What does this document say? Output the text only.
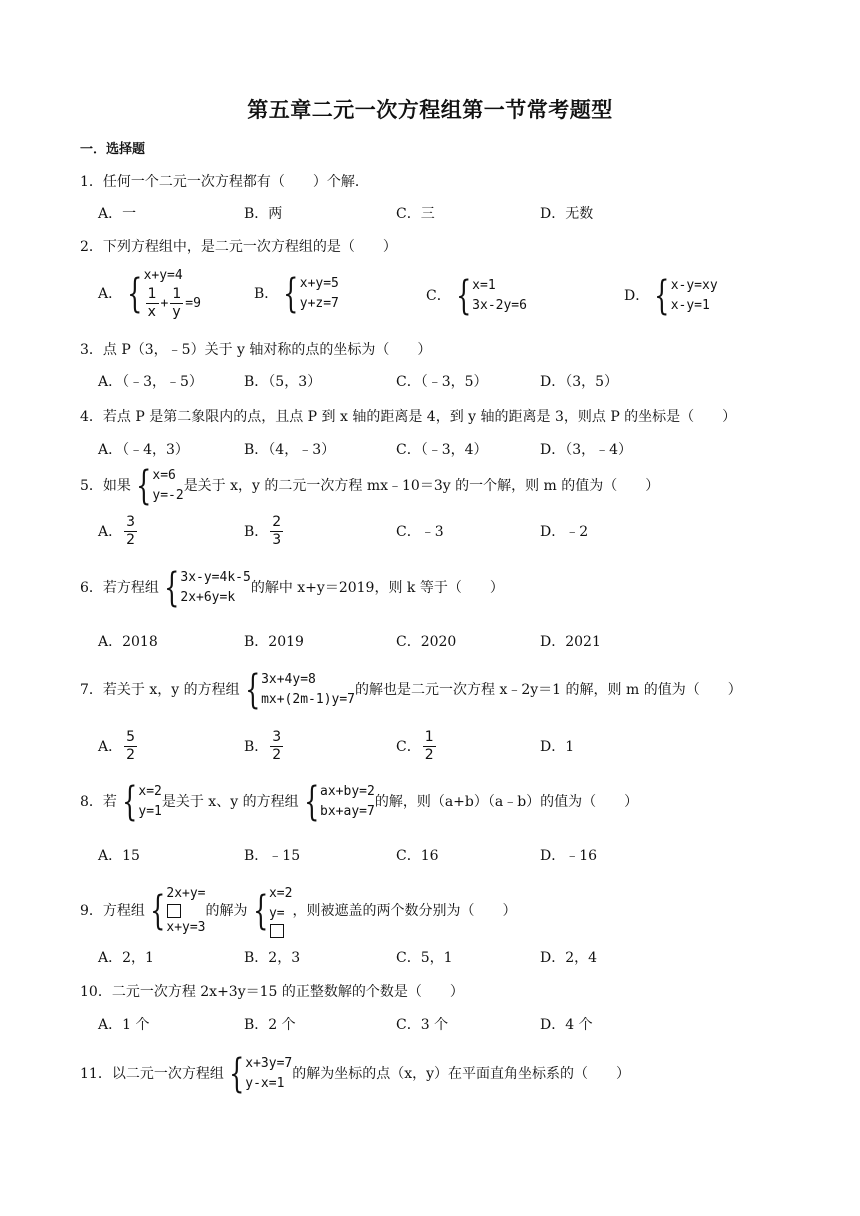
第五章二元一次方程组第一节常考题型
一．选择题
1．任何一个二元一次方程都有（　　）个解．
A．一	B．两	C．三	D．无数
2．下列方程组中，是二元一次方程组的是（　　）
A． { x+y=4
$\frac{1}{x} + \frac{1}{y} =9$
B． { x+y=5
y+z=7	C． { x=1
3x-2y=6
D． { x-y=xy
x-y=1
3．点 P（3，﹣5）关于 y 轴对称的点的坐标为（　　）
A．（﹣3，﹣5）	B．（5，3）	C．（﹣3，5）	D．（3，5）
4．若点 P 是第二象限内的点，且点 P 到 x 轴的距离是 4，到 y 轴的距离是 3，则点 P 的坐标是（　　）
A．（﹣4，3）	B．（4，﹣3）	C．（﹣3，4）	D．（3，﹣4）
5．如果 { x=6
y=-2
是关于 x，y 的二元一次方程 mx﹣10＝3y 的一个解，则 m 的值为（　　）
A． $\frac{3}{2}$	B． $\frac{2}{3}$	C．﹣3	D．﹣2
6．若方程组 { 3x-y=4k-5
2x+6y=k
的解中 x+y＝2019，则 k 等于（　　）
A．2018	B．2019	C．2020	D．2021
7．若关于 x，y 的方程组 { 3x+4y=8
mx+(2m-1)y=7
的解也是二元一次方程 x﹣2y＝1 的解，则 m 的值为（　　）
A． $\frac{5}{2}$	B． $\frac{3}{2}$	C． $\frac{1}{2}$	D．1
8．若 { x=2
y=1
是关于 x、y 的方程组 { ax+by=2
bx+ay=7
的解，则（a+b）（a﹣b）的值为（　　）
A．15	B．﹣15	C．16	D．﹣16
9．方程组 { 2x+y=
x+y=3
的解为 { x=2
y= ，则被遮盖的两个数分别为（　　）
A．2，1	B．2，3	C．5，1	D．2，4
10．二元一次方程 2x+3y＝15 的正整数解的个数是（　　）
A．1 个	B．2 个	C．3 个	D．4 个
11．以二元一次方程组 { x+3y=7
y-x=1
的解为坐标的点（x，y）在平面直角坐标系的（　　）
